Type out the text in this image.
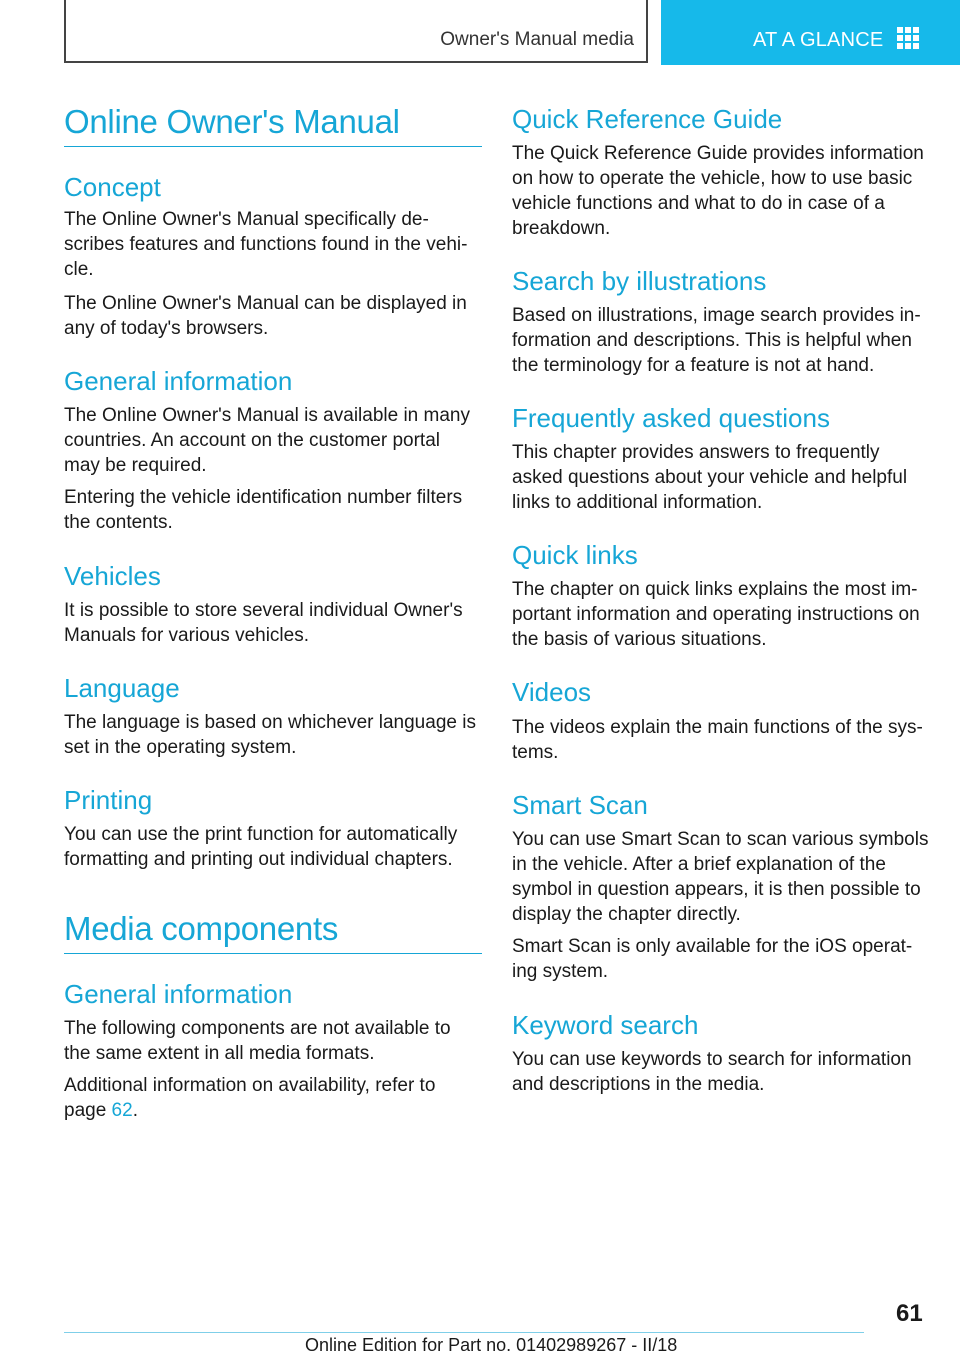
Owner's Manual media	AT A GLANCE
Online Owner's Manual
Concept

The Online Owner's Manual specifically de-

scribes features and functions found in the vehi-

cle.

The Online Owner's Manual can be displayed in

any of today's browsers.

General information

The Online Owner's Manual is available in many

countries. An account on the customer portal

may be required.

Entering the vehicle identification number filters

the contents.

Vehicles

It is possible to store several individual Owner's

Manuals for various vehicles.

Language

The language is based on whichever language is

set in the operating system.

Printing

You can use the print function for automatically

formatting and printing out individual chapters.

Media components
General information

The following components are not available to

the same extent in all media formats.

Additional information on availability, refer to

page 62.

Quick Reference Guide

The Quick Reference Guide provides information

on how to operate the vehicle, how to use basic

vehicle functions and what to do in case of a

breakdown.

Search by illustrations

Based on illustrations, image search provides in-

formation and descriptions. This is helpful when

the terminology for a feature is not at hand.

Frequently asked questions

This chapter provides answers to frequently

asked questions about your vehicle and helpful

links to additional information.

Quick links

The chapter on quick links explains the most im-

portant information and operating instructions on

the basis of various situations.

Videos

The videos explain the main functions of the sys-

tems.

Smart Scan

You can use Smart Scan to scan various symbols

in the vehicle. After a brief explanation of the

symbol in question appears, it is then possible to

display the chapter directly.

Smart Scan is only available for the iOS operat-

ing system.

Keyword search

You can use keywords to search for information

and descriptions in the media.

61
Online Edition for Part no. 01402989267 - II/18
